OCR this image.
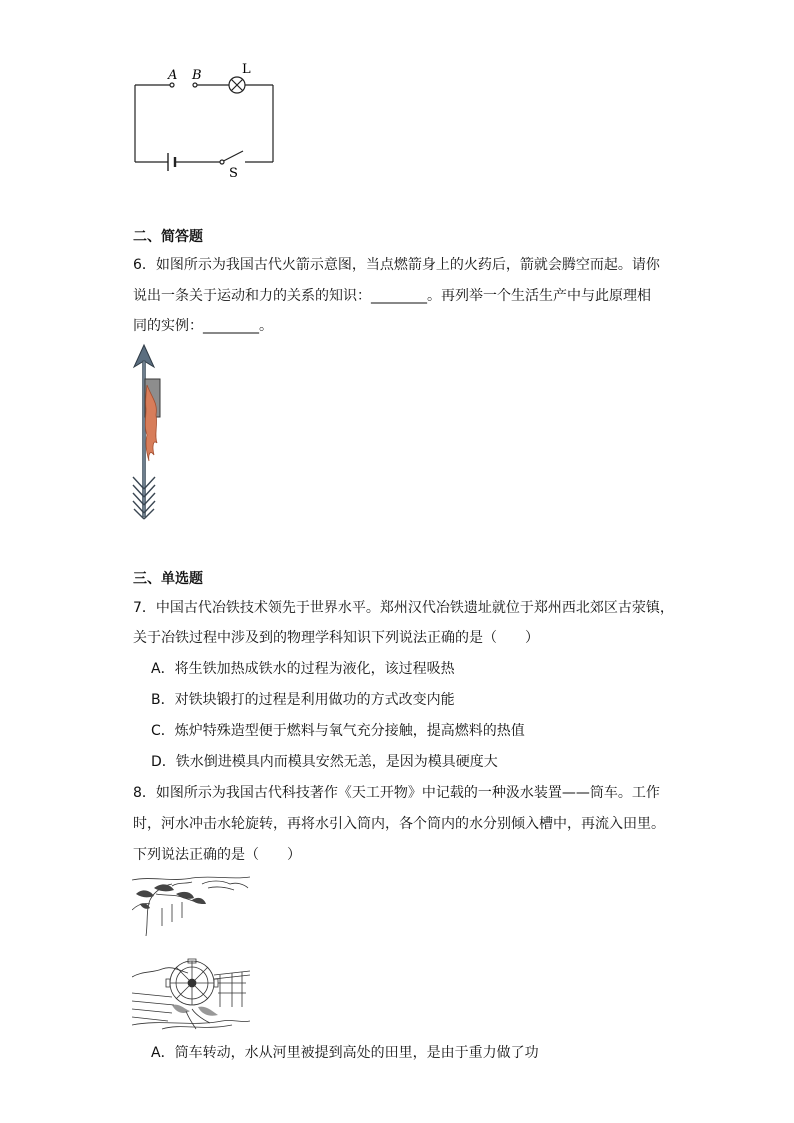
A B	L
S
二、简答题
6．如图所示为我国古代火箭示意图，当点燃箭身上的火药后，箭就会腾空而起。请你
说出一条关于运动和力的关系的知识：________。再列举一个生活生产中与此原理相
同的实例：________。
三、单选题
7．中国古代冶铁技术领先于世界水平。郑州汉代冶铁遗址就位于郑州西北郊区古荥镇，
关于冶铁过程中涉及到的物理学科知识下列说法正确的是（　　）
A．将生铁加热成铁水的过程为液化，该过程吸热
B．对铁块锻打的过程是利用做功的方式改变内能
C．炼炉特殊造型便于燃料与氧气充分接触，提高燃料的热值
D．铁水倒进模具内而模具安然无恙，是因为模具硬度大
8．如图所示为我国古代科技著作《天工开物》中记载的一种汲水装置——筒车。工作
时，河水冲击水轮旋转，再将水引入筒内，各个筒内的水分别倾入槽中，再流入田里。
下列说法正确的是（　　）
A．筒车转动，水从河里被提到高处的田里，是由于重力做了功
